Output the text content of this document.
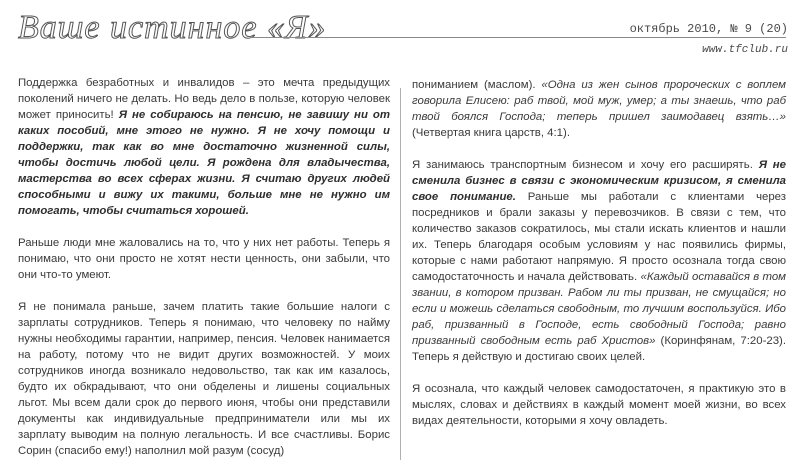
Ваше истинное «Я»	октябрь 2010, № 9 (20)
www.tfclub.ru

Поддержка безработных и инвалидов – это мечта предыдущих поколений ничего не делать. Но ведь дело в пользе, которую человек может приносить! Я не собираюсь на пенсию, не завишу ни от каких пособий, мне этого не нужно. Я не хочу помощи и поддержки, так как во мне достаточно жизненной силы, чтобы достичь любой цели. Я рождена для владычества, мастерства во всех сферах жизни. Я считаю других людей способными и вижу их такими, больше мне не нужно им помогать, чтобы считаться хорошей.

Раньше люди мне жаловались на то, что у них нет работы. Теперь я понимаю, что они просто не хотят нести ценность, они забыли, что они что-то умеют.

Я не понимала раньше, зачем платить такие большие налоги с зарплаты сотрудников. Теперь я понимаю, что человеку по найму нужны необходимы гарантии, например, пенсия. Человек нанимается на работу, потому что не видит других возможностей. У моих сотрудников иногда возникало недовольство, так как им казалось, будто их обкрадывают, что они обделены и лишены социальных льгот. Мы всем дали срок до первого июня, чтобы они представили документы как индивидуальные предприниматели или мы их зарплату выводим на полную легальность. И все счастливы. Борис Сорин (спасибо ему!) наполнил мой разум (сосуд)

пониманием (маслом). «Одна из жен сынов пророческих с воплем говорила Елисею: раб твой, мой муж, умер; а ты знаешь, что раб твой боялся Господа; теперь пришел заимодавец взять…» (Четвертая книга царств, 4:1).

Я занимаюсь транспортным бизнесом и хочу его расширять. Я не сменила бизнес в связи с экономическим кризисом, я сменила свое понимание. Раньше мы работали с клиентами через посредников и брали заказы у перевозчиков. В связи с тем, что количество заказов сократилось, мы стали искать клиентов и нашли их. Теперь благодаря особым условиям у нас появились фирмы, которые с нами работают напрямую. Я просто осознала тогда свою самодостаточность и начала действовать. «Каждый оставайся в том звании, в котором призван. Рабом ли ты призван, не смущайся; но если и можешь сделаться свободным, то лучшим воспользуйся. Ибо раб, призванный в Господе, есть свободный Господа; равно призванный свободным есть раб Христов» (Коринфянам, 7:20-23). Теперь я действую и достигаю своих целей.

Я осознала, что каждый человек самодостаточен, я практикую это в мыслях, словах и действиях в каждый момент моей жизни, во всех видах деятельности, которыми я хочу овладеть.
